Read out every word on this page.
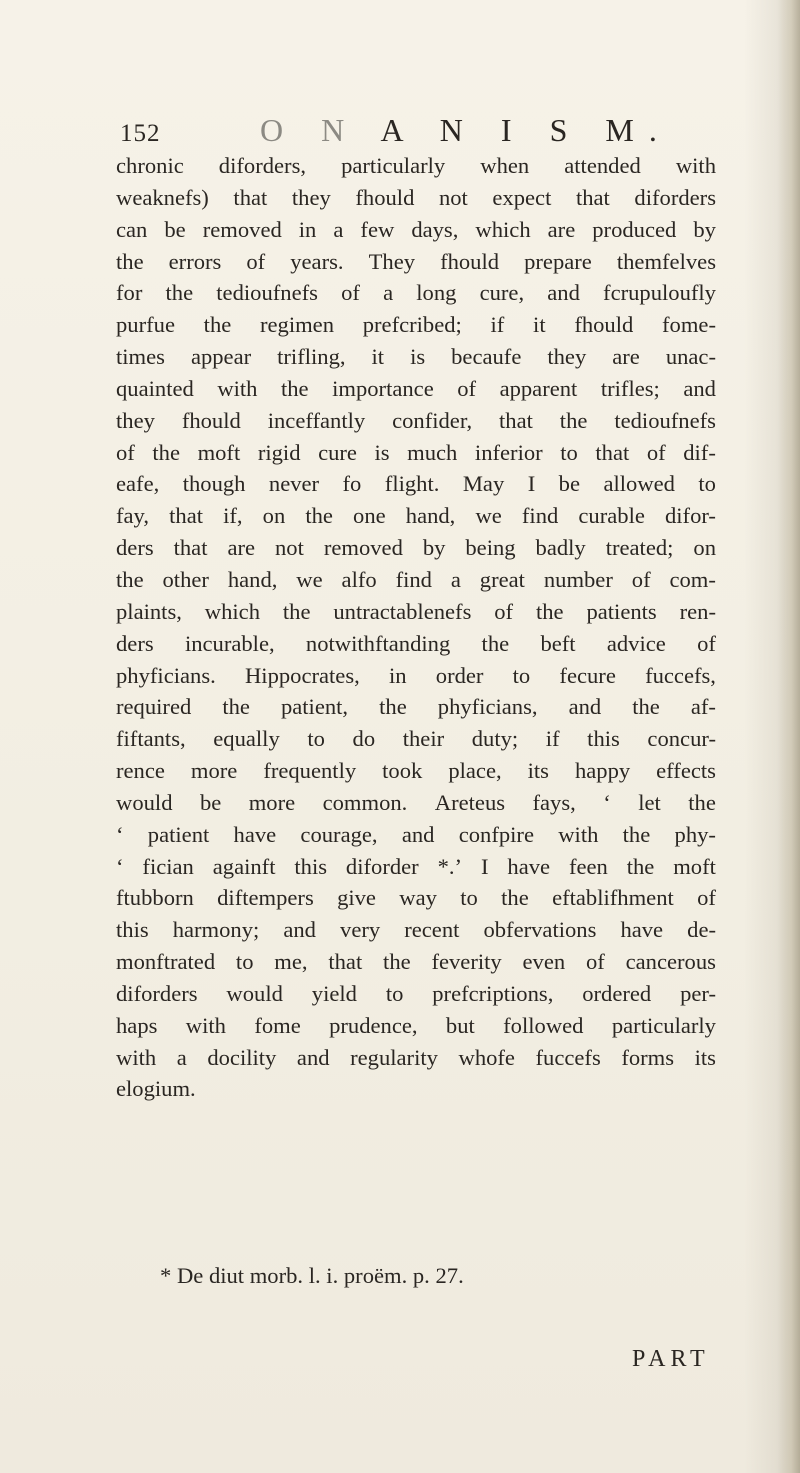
152	O N A N I S M.
chronic diforders, particularly when attended with
weaknefs) that they fhould not expect that diforders
can be removed in a few days, which are produced by
the errors of years. They fhould prepare themfelves
for the tedioufnefs of a long cure, and fcrupuloufly
purfue the regimen prefcribed; if it fhould fome-
times appear trifling, it is becaufe they are unac-
quainted with the importance of apparent trifles; and
they fhould inceffantly confider, that the tedioufnefs
of the moft rigid cure is much inferior to that of dif-
eafe, though never fo flight. May I be allowed to
fay, that if, on the one hand, we find curable difor-
ders that are not removed by being badly treated; on
the other hand, we alfo find a great number of com-
plaints, which the untractablenefs of the patients ren-
ders incurable, notwithftanding the beft advice of
phyficians. Hippocrates, in order to fecure fuccefs,
required the patient, the phyficians, and the af-
fiftants, equally to do their duty; if this concur-
rence more frequently took place, its happy effects
would be more common. Areteus fays, ‘ let the
‘ patient have courage, and confpire with the phy-
‘ fician againft this diforder *.’ I have feen the moft
ftubborn diftempers give way to the eftablifhment of
this harmony; and very recent obfervations have de-
monftrated to me, that the feverity even of cancerous
diforders would yield to prefcriptions, ordered per-
haps with fome prudence, but followed particularly
with a docility and regularity whofe fuccefs forms its
elogium.
* De diut morb. l. i. proëm. p. 27.
PART
